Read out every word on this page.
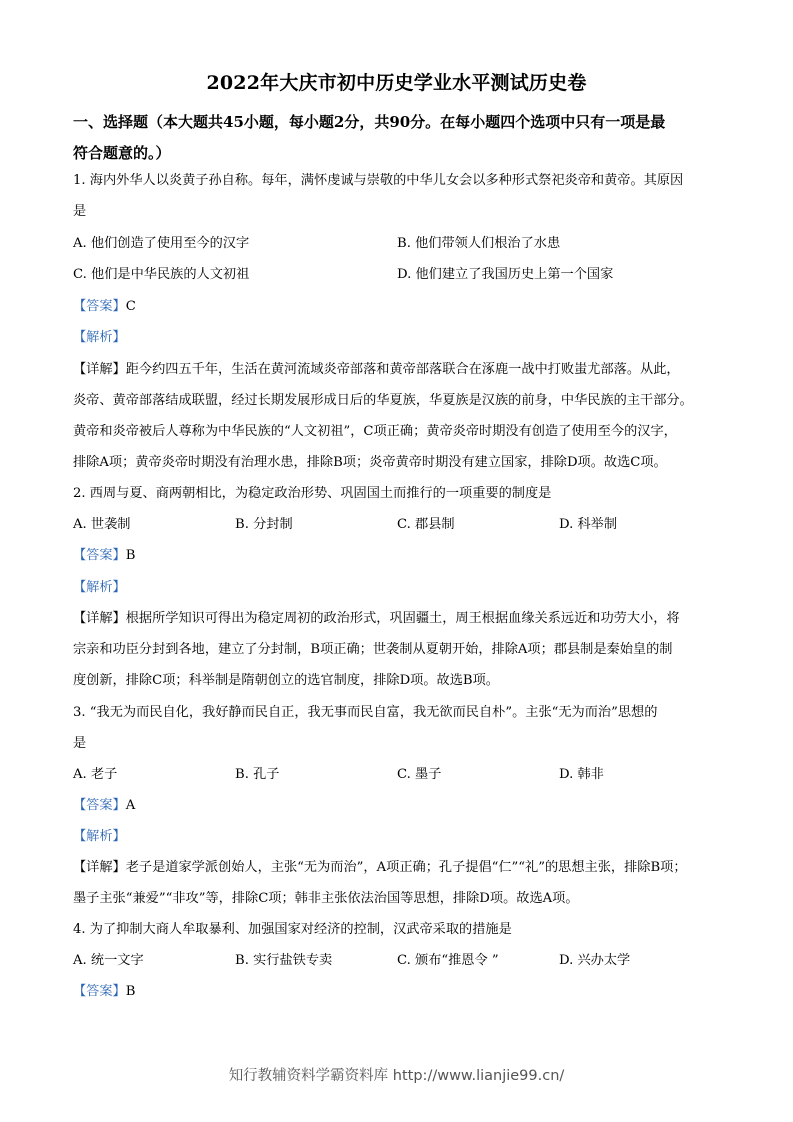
2022年大庆市初中历史学业水平测试历史卷
一、选择题（本大题共45小题，每小题2分，共90分。在每小题四个选项中只有一项是最
符合题意的。）
1. 海内外华人以炎黄子孙自称。每年，满怀虔诚与崇敬的中华儿女会以多种形式祭祀炎帝和黄帝。其原因
是
A. 他们创造了使用至今的汉字	B. 他们带领人们根治了水患
C. 他们是中华民族的人文初祖	D. 他们建立了我国历史上第一个国家
【答案】C
【解析】
【详解】距今约四五千年，生活在黄河流域炎帝部落和黄帝部落联合在涿鹿一战中打败蚩尤部落。从此，
炎帝、黄帝部落结成联盟，经过长期发展形成日后的华夏族，华夏族是汉族的前身，中华民族的主干部分。
黄帝和炎帝被后人尊称为中华民族的“人文初祖”，C项正确；黄帝炎帝时期没有创造了使用至今的汉字，
排除A项；黄帝炎帝时期没有治理水患，排除B项；炎帝黄帝时期没有建立国家，排除D项。故选C项。
2. 西周与夏、商两朝相比，为稳定政治形势、巩固国土而推行的一项重要的制度是
A. 世袭制	B. 分封制	C. 郡县制	D. 科举制
【答案】B
【解析】
【详解】根据所学知识可得出为稳定周初的政治形式，巩固疆土，周王根据血缘关系远近和功劳大小，将
宗亲和功臣分封到各地，建立了分封制，B项正确；世袭制从夏朝开始，排除A项；郡县制是秦始皇的制
度创新，排除C项；科举制是隋朝创立的选官制度，排除D项。故选B项。
3. “我无为而民自化，我好静而民自正，我无事而民自富，我无欲而民自朴”。主张“无为而治”思想的
是
A. 老子	B. 孔子	C. 墨子	D. 韩非
【答案】A
【解析】
【详解】老子是道家学派创始人，主张“无为而治”，A项正确；孔子提倡“仁”“礼”的思想主张，排除B项；
墨子主张“兼爱”“非攻”等，排除C项；韩非主张依法治国等思想，排除D项。故选A项。
4. 为了抑制大商人牟取暴利、加强国家对经济的控制，汉武帝采取的措施是
A. 统一文字	B. 实行盐铁专卖	C. 颁布“推恩令 ”	D. 兴办太学
【答案】B
知行教辅资料学霸资料库 http://www.lianjie99.cn/
